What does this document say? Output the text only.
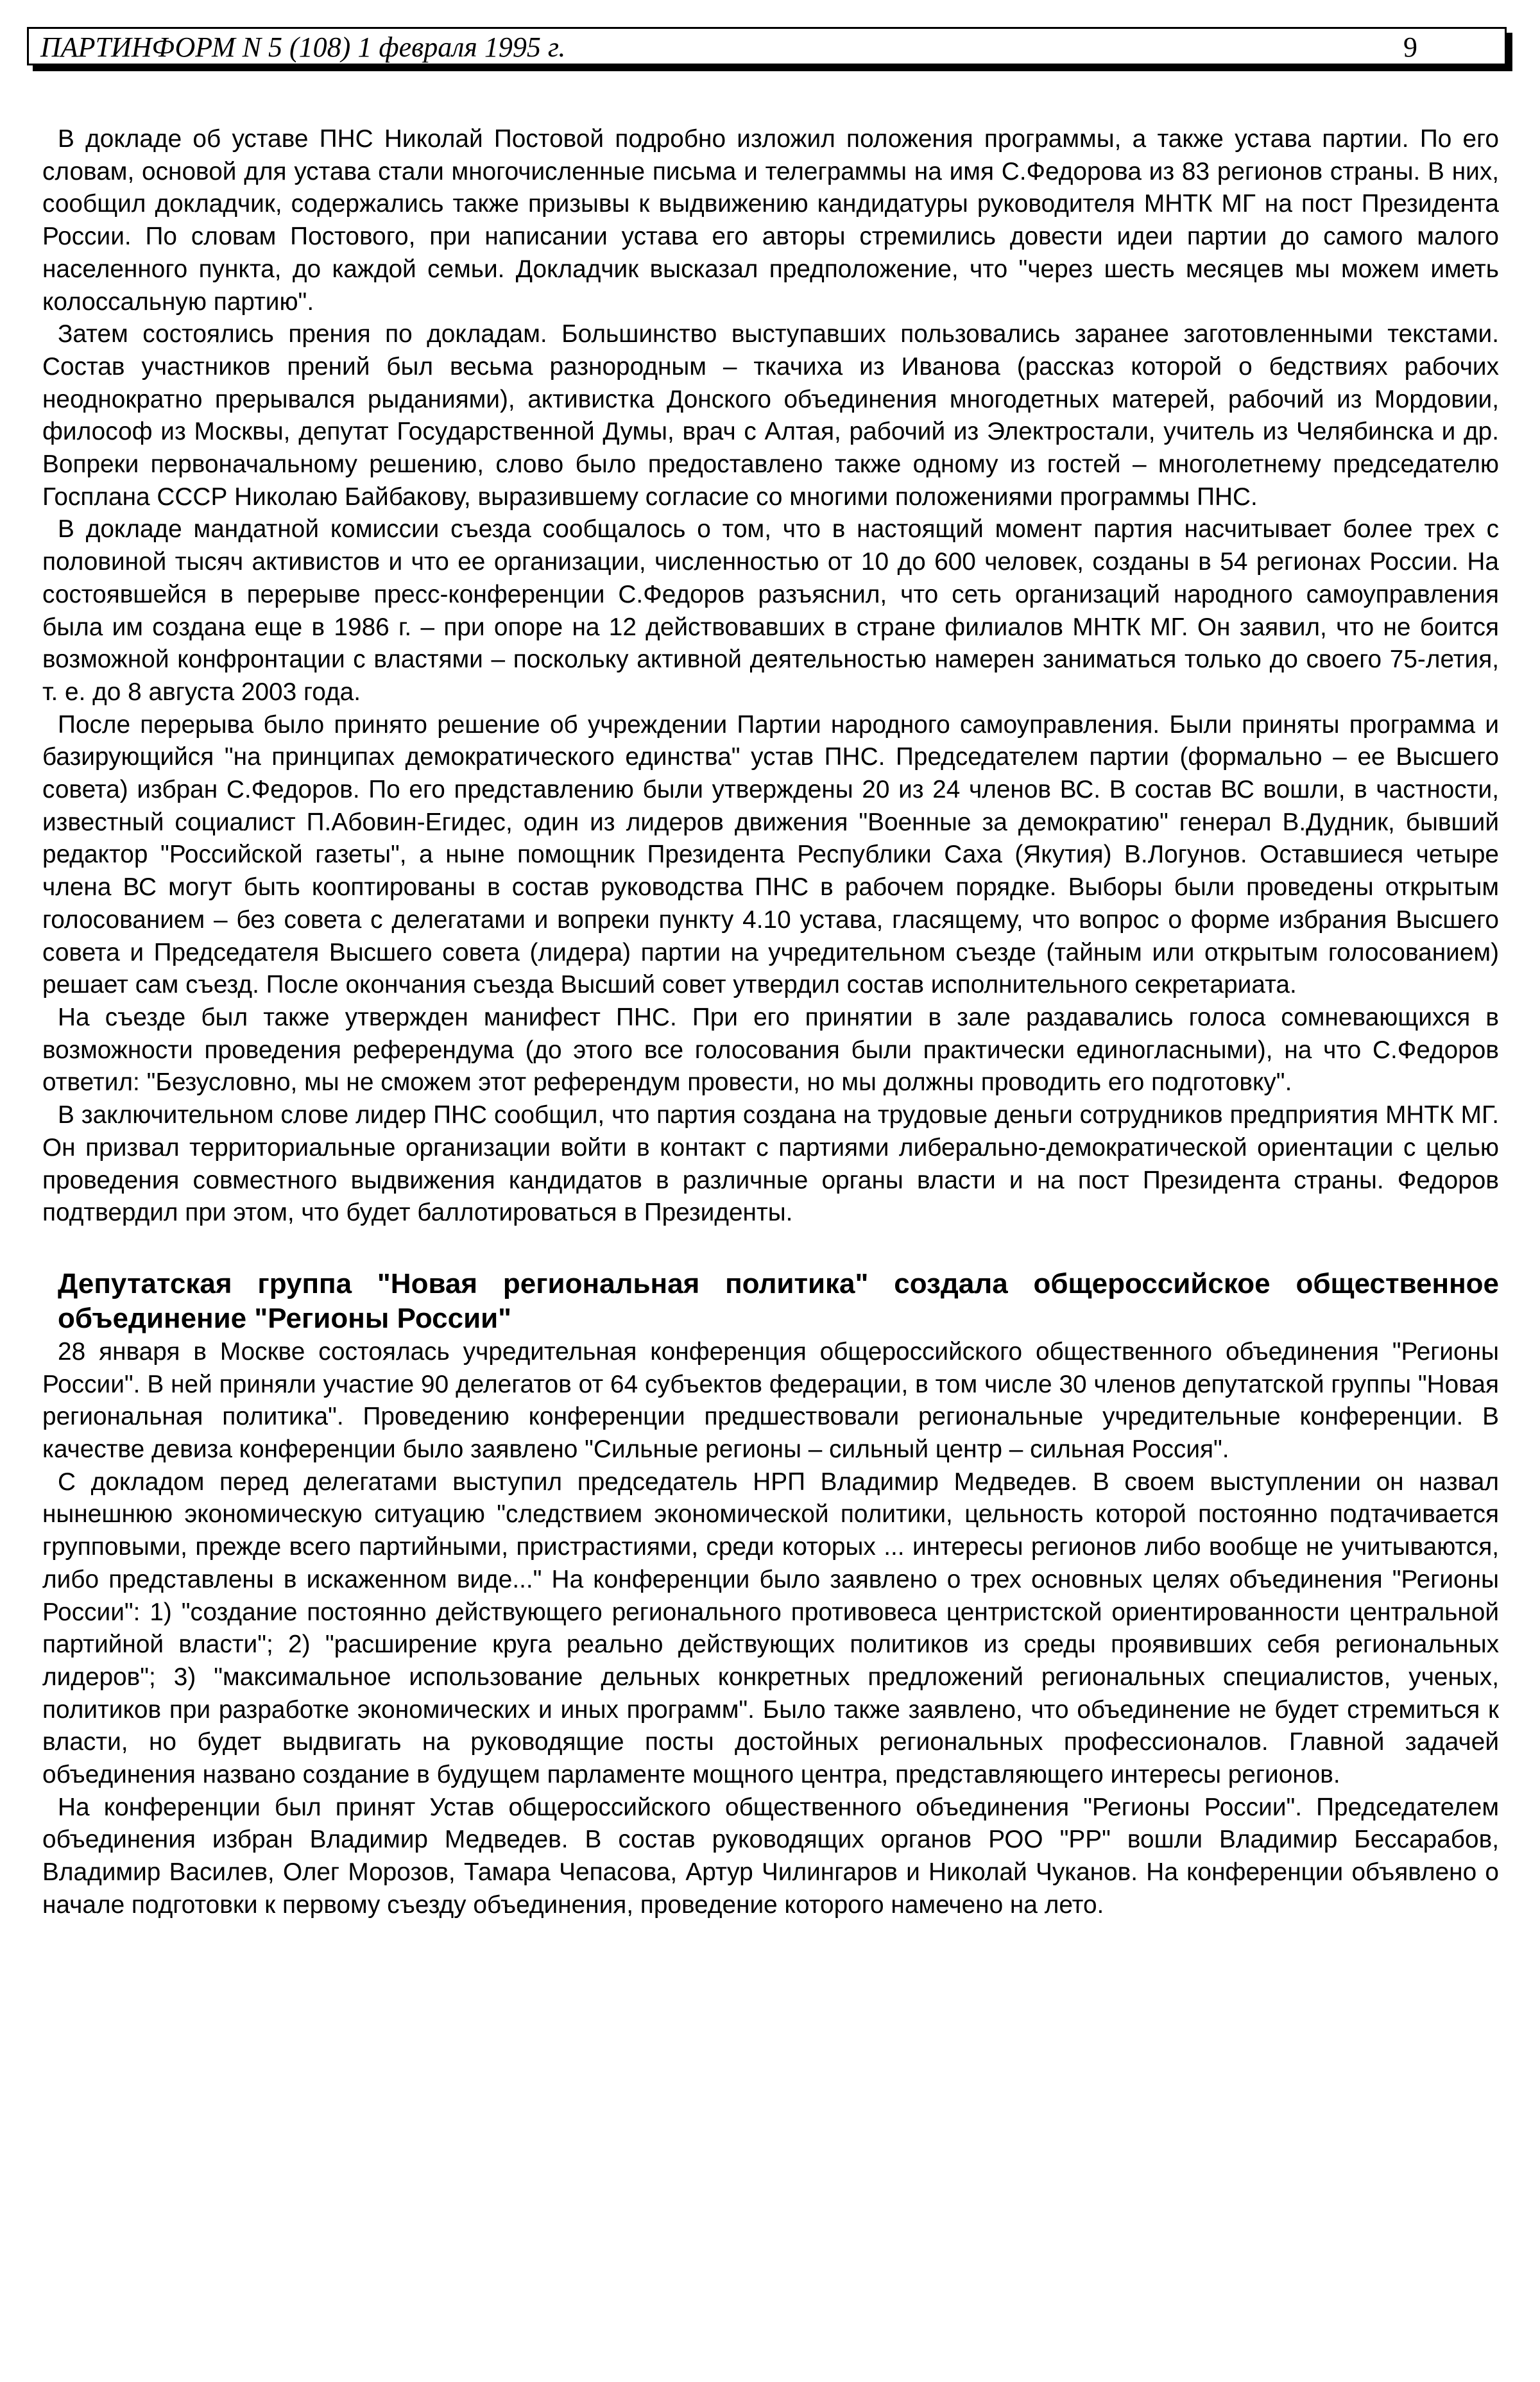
ПАРТИНФОРМ N 5 (108) 1 февраля 1995 г.	9

В докладе об уставе ПНС Николай Постовой подробно изложил положения программы, а также устава партии. По его словам, основой для устава стали многочисленные письма и телеграммы на имя С.Федорова из 83 регионов страны. В них, сообщил докладчик, содержались также призывы к выдвижению кандидатуры руководителя МНТК МГ на пост Президента России. По словам Постового, при написании устава его авторы стремились довести идеи партии до самого малого населенного пункта, до каждой семьи. Докладчик высказал предположение, что "через шесть месяцев мы можем иметь колоссальную партию".

Затем состоялись прения по докладам. Большинство выступавших пользовались заранее заготовленными текстами. Состав участников прений был весьма разнородным – ткачиха из Иванова (рассказ которой о бедствиях рабочих неоднократно прерывался рыданиями), активистка Донского объединения многодетных матерей, рабочий из Мордовии, философ из Москвы, депутат Государственной Думы, врач с Алтая, рабочий из Электростали, учитель из Челябинска и др. Вопреки первоначальному решению, слово было предоставлено также одному из гостей – многолетнему председателю Госплана СССР Николаю Байбакову, выразившему согласие со многими положениями программы ПНС.

В докладе мандатной комиссии съезда сообщалось о том, что в настоящий момент партия насчитывает более трех с половиной тысяч активистов и что ее организации, численностью от 10 до 600 человек, созданы в 54 регионах России. На состоявшейся в перерыве пресс-конференции С.Федоров разъяснил, что сеть организаций народного самоуправления была им создана еще в 1986 г. – при опоре на 12 действовавших в стране филиалов МНТК МГ. Он заявил, что не боится возможной конфронтации с властями – поскольку активной деятельностью намерен заниматься только до своего 75-летия, т. е. до 8 августа 2003 года.

После перерыва было принято решение об учреждении Партии народного самоуправления. Были приняты программа и базирующийся "на принципах демократического единства" устав ПНС. Председателем партии (формально – ее Высшего совета) избран С.Федоров. По его представлению были утверждены 20 из 24 членов ВС. В состав ВС вошли, в частности, известный социалист П.Абовин-Егидес, один из лидеров движения "Военные за демократию" генерал В.Дудник, бывший редактор "Российской газеты", а ныне помощник Президента Республики Саха (Якутия) В.Логунов. Оставшиеся четыре члена ВС могут быть кооптированы в состав руководства ПНС в рабочем порядке. Выборы были проведены открытым голосованием – без совета с делегатами и вопреки пункту 4.10 устава, гласящему, что вопрос о форме избрания Высшего совета и Председателя Высшего совета (лидера) партии на учредительном съезде (тайным или открытым голосованием) решает сам съезд. После окончания съезда Высший совет утвердил состав исполнительного секретариата.

На съезде был также утвержден манифест ПНС. При его принятии в зале раздавались голоса сомневающихся в возможности проведения референдума (до этого все голосования были практически единогласными), на что С.Федоров ответил: "Безусловно, мы не сможем этот референдум провести, но мы должны проводить его подготовку".

В заключительном слове лидер ПНС сообщил, что партия создана на трудовые деньги сотрудников предприятия МНТК МГ. Он призвал территориальные организации войти в контакт с партиями либерально-демократической ориентации с целью проведения совместного выдвижения кандидатов в различные органы власти и на пост Президента страны. Федоров подтвердил при этом, что будет баллотироваться в Президенты.

Депутатская группа "Новая региональная политика" создала общероссийское общественное объединение "Регионы России"

28 января в Москве состоялась учредительная конференция общероссийского общественного объединения "Регионы России". В ней приняли участие 90 делегатов от 64 субъектов федерации, в том числе 30 членов депутатской группы "Новая региональная политика". Проведению конференции предшествовали региональные учредительные конференции. В качестве девиза конференции было заявлено "Сильные регионы – сильный центр – сильная Россия".

С докладом перед делегатами выступил председатель НРП Владимир Медведев. В своем выступлении он назвал нынешнюю экономическую ситуацию "следствием экономической политики, цельность которой постоянно подтачивается групповыми, прежде всего партийными, пристрастиями, среди которых ... интересы регионов либо вообще не учитываются, либо представлены в искаженном виде..." На конференции было заявлено о трех основных целях объединения "Регионы России": 1) "создание постоянно действующего регионального противовеса центристской ориентированности центральной партийной власти"; 2) "расширение круга реально действующих политиков из среды проявивших себя региональных лидеров"; 3) "максимальное использование дельных конкретных предложений региональных специалистов, ученых, политиков при разработке экономических и иных программ". Было также заявлено, что объединение не будет стремиться к власти, но будет выдвигать на руководящие посты достойных региональных профессионалов. Главной задачей объединения названо создание в будущем парламенте мощного центра, представляющего интересы регионов.

На конференции был принят Устав общероссийского общественного объединения "Регионы России". Председателем объединения избран Владимир Медведев. В состав руководящих органов РОО "РР" вошли Владимир Бессарабов, Владимир Василев, Олег Морозов, Тамара Чепасова, Артур Чилингаров и Николай Чуканов. На конференции объявлено о начале подготовки к первому съезду объединения, проведение которого намечено на лето.
